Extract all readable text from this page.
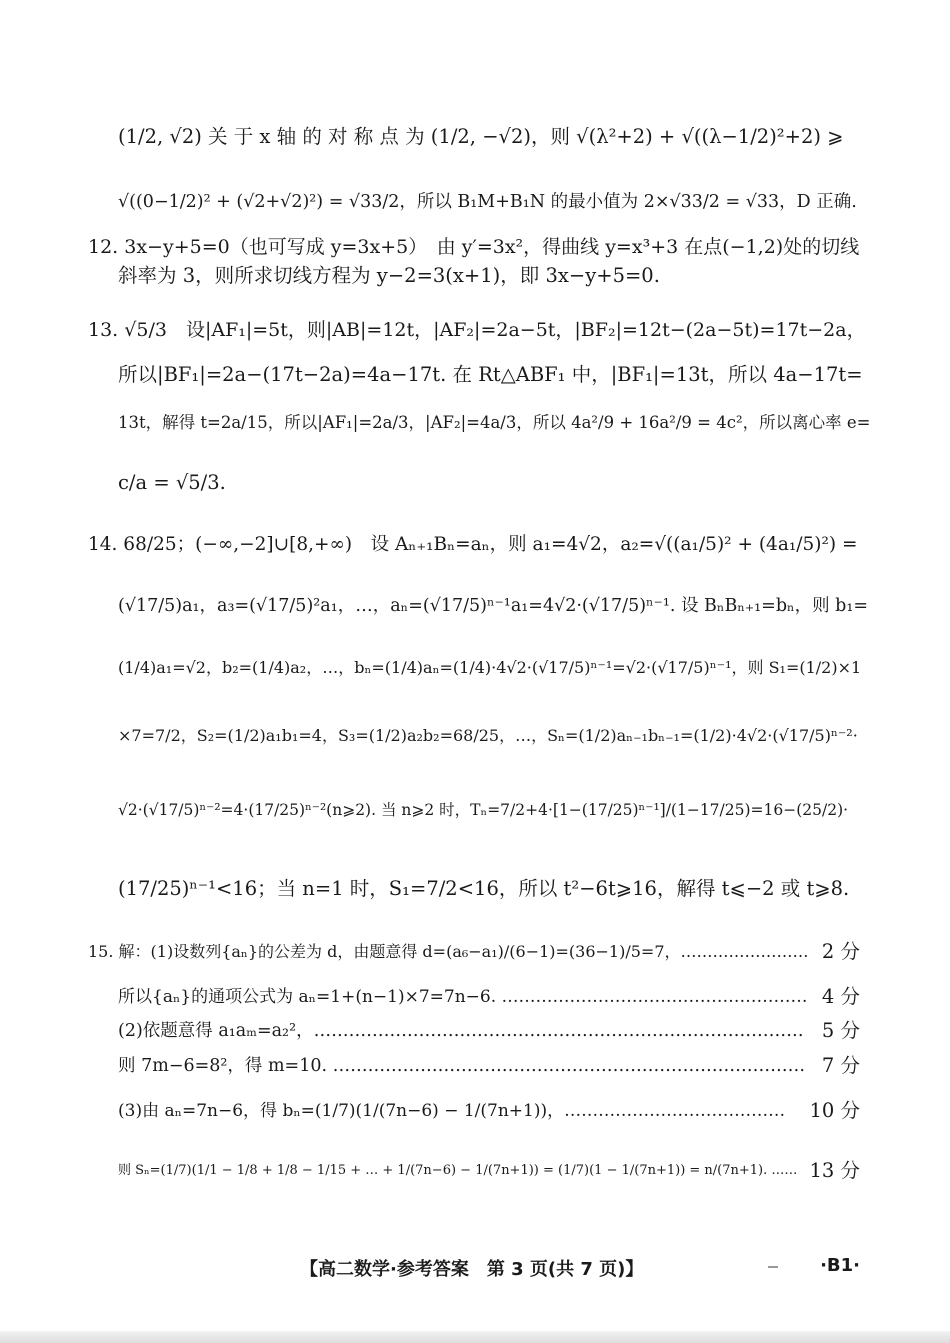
(1/2, √2) 关 于 x 轴 的 对 称 点 为 (1/2, −√2)，则 √(λ²+2) + √((λ−1/2)²+2) ⩾
√((0−1/2)² + (√2+√2)²) = √33/2，所以 B₁M+B₁N 的最小值为 2×√33/2 = √33，D 正确.
12. 3x−y+5=0（也可写成 y=3x+5）　由 y′=3x²，得曲线 y=x³+3 在点(−1,2)处的切线
斜率为 3，则所求切线方程为 y−2=3(x+1)，即 3x−y+5=0.
13. √5/3　设|AF₁|=5t，则|AB|=12t，|AF₂|=2a−5t，|BF₂|=12t−(2a−5t)=17t−2a，
所以|BF₁|=2a−(17t−2a)=4a−17t. 在 Rt△ABF₁ 中，|BF₁|=13t，所以 4a−17t=
13t，解得 t=2a/15，所以|AF₁|=2a/3，|AF₂|=4a/3，所以 4a²/9 + 16a²/9 = 4c²，所以离心率 e=
c/a = √5/3.
14. 68/25；(−∞,−2]∪[8,+∞)　设 Aₙ₊₁Bₙ=aₙ，则 a₁=4√2，a₂=√((a₁/5)² + (4a₁/5)²) =
(√17/5)a₁，a₃=(√17/5)²a₁，…，aₙ=(√17/5)ⁿ⁻¹a₁=4√2·(√17/5)ⁿ⁻¹. 设 BₙBₙ₊₁=bₙ，则 b₁=
(1/4)a₁=√2，b₂=(1/4)a₂，…，bₙ=(1/4)aₙ=(1/4)·4√2·(√17/5)ⁿ⁻¹=√2·(√17/5)ⁿ⁻¹，则 S₁=(1/2)×1
×7=7/2，S₂=(1/2)a₁b₁=4，S₃=(1/2)a₂b₂=68/25，…，Sₙ=(1/2)aₙ₋₁bₙ₋₁=(1/2)·4√2·(√17/5)ⁿ⁻²·
√2·(√17/5)ⁿ⁻²=4·(17/25)ⁿ⁻²(n⩾2). 当 n⩾2 时，Tₙ=7/2+4·[1−(17/25)ⁿ⁻¹]/(1−17/25)=16−(25/2)·
(17/25)ⁿ⁻¹<16；当 n=1 时，S₁=7/2<16，所以 t²−6t⩾16，解得 t⩽−2 或 t⩾8.
15. 解：(1)设数列{aₙ}的公差为 d，由题意得 d=(a₆−a₁)/(6−1)=(36−1)/5=7，…………………… 2 分
所以{aₙ}的通项公式为 aₙ=1+(n−1)×7=7n−6. ……………………………………………… 4 分
(2)依题意得 a₁aₘ=a₂²，………………………………………………………………………… 5 分
则 7m−6=8²，得 m=10. ……………………………………………………………………… 7 分
(3)由 aₙ=7n−6，得 bₙ=(1/7)(1/(7n−6) − 1/(7n+1))，………………………………… 10 分
则 Sₙ=(1/7)(1/1 − 1/8 + 1/8 − 1/15 + … + 1/(7n−6) − 1/(7n+1)) = (1/7)(1 − 1/(7n+1)) = n/(7n+1). …… 13 分
【高二数学·参考答案　第 3 页(共 7 页)】	·B1·
